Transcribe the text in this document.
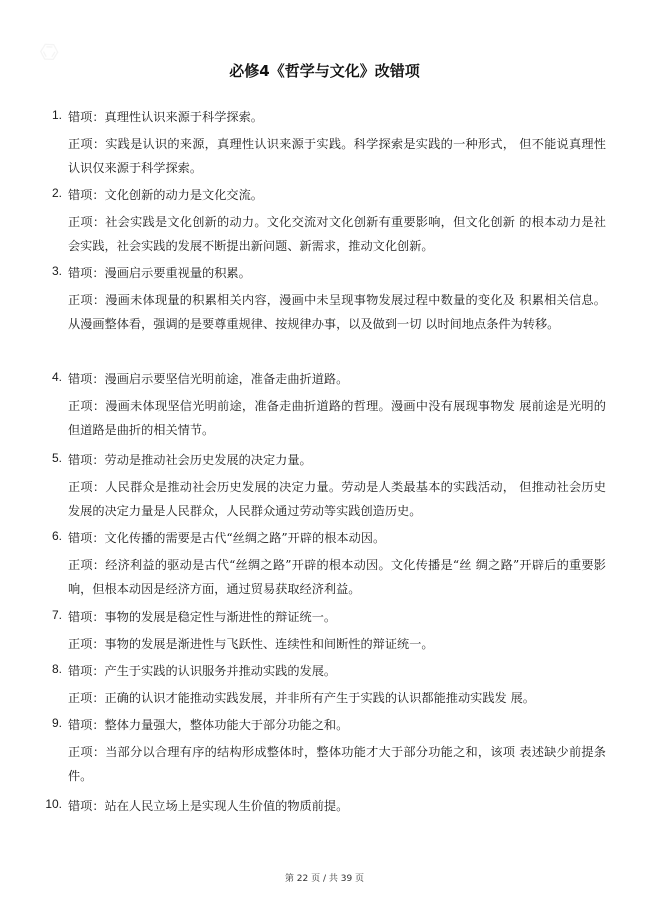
⌬
必修4《哲学与文化》改错项
1. 错项：真理性认识来源于科学探索。
正项：实践是认识的来源，真理性认识来源于实践。科学探索是实践的一种形式， 但不能说真理性认识仅来源于科学探索。
2. 错项：文化创新的动力是文化交流。
正项：社会实践是文化创新的动力。文化交流对文化创新有重要影响，但文化创新 的根本动力是社会实践，社会实践的发展不断提出新问题、新需求，推动文化创新。
3. 错项：漫画启示要重视量的积累。
正项：漫画未体现量的积累相关内容，漫画中未呈现事物发展过程中数量的变化及 积累相关信息。从漫画整体看，强调的是要尊重规律、按规律办事，以及做到一切 以时间地点条件为转移。
4. 错项：漫画启示要坚信光明前途，准备走曲折道路。
正项：漫画未体现坚信光明前途，准备走曲折道路的哲理。漫画中没有展现事物发 展前途是光明的但道路是曲折的相关情节。
5. 错项：劳动是推动社会历史发展的决定力量。
正项：人民群众是推动社会历史发展的决定力量。劳动是人类最基本的实践活动， 但推动社会历史发展的决定力量是人民群众，人民群众通过劳动等实践创造历史。
6. 错项：文化传播的需要是古代“丝绸之路”开辟的根本动因。
正项：经济利益的驱动是古代“丝绸之路”开辟的根本动因。文化传播是“丝 绸之路”开辟后的重要影响，但根本动因是经济方面，通过贸易获取经济利益。
7. 错项：事物的发展是稳定性与渐进性的辩证统一。
正项：事物的发展是渐进性与飞跃性、连续性和间断性的辩证统一。
8. 错项：产生于实践的认识服务并推动实践的发展。
正项：正确的认识才能推动实践发展，并非所有产生于实践的认识都能推动实践发 展。
9. 错项：整体力量强大，整体功能大于部分功能之和。
正项：当部分以合理有序的结构形成整体时，整体功能才大于部分功能之和，该项 表述缺少前提条件。
10. 错项：站在人民立场上是实现人生价值的物质前提。
第 22 页 / 共 39 页
